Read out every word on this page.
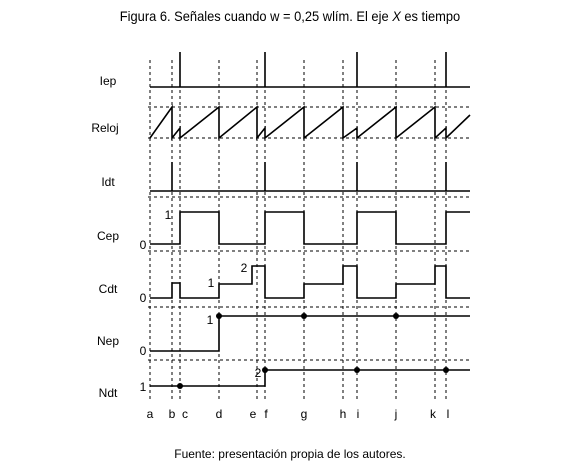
Figura 6. Señales cuando w = 0,25 wlím. El eje X es tiempo
Iep
Reloj
Idt
Cep
Cdt
Nep
Ndt
1
0
0
1
2
1
0
1
2
a b c d e f	g	h i	j	k l
Fuente: presentación propia de los autores.
